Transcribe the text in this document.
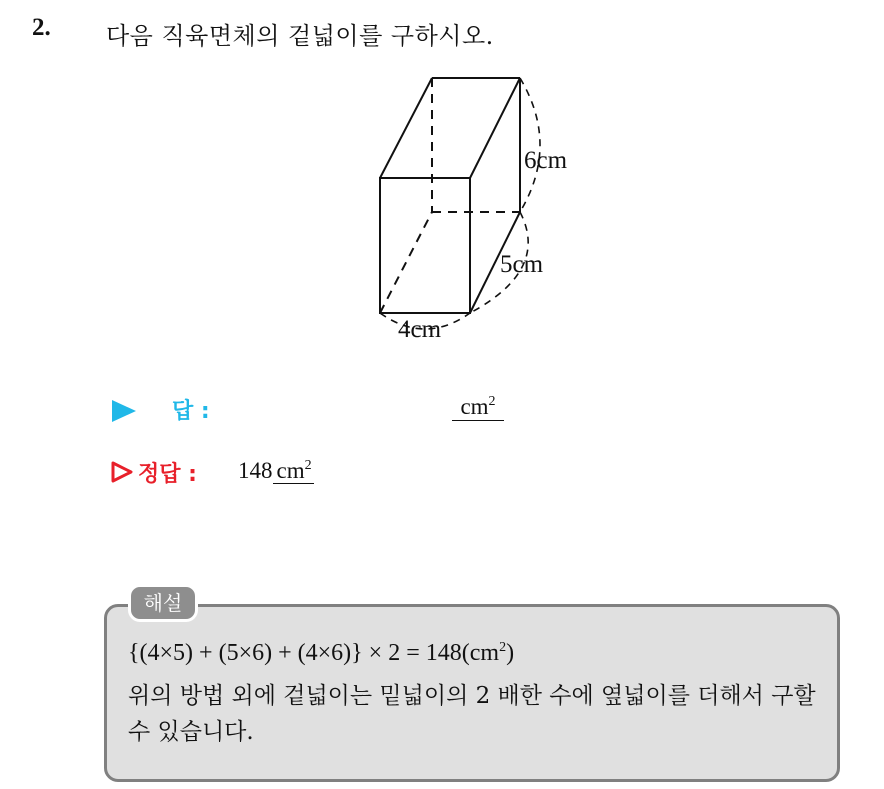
2. 다음 직육면체의 겉넓이를 구하시오.
6cm
5cm
4cm
답 :	$cm^2$
정답 : 148 $cm^2$
해설
$\{(4\times 5) + (5\times 6) + (4\times 6)\} \times 2 = 148(cm^2)$
위의 방법 외에 겉넓이는 밑넓이의 2 배한 수에 옆넓이를 더해서 구할 수 있습니다.
